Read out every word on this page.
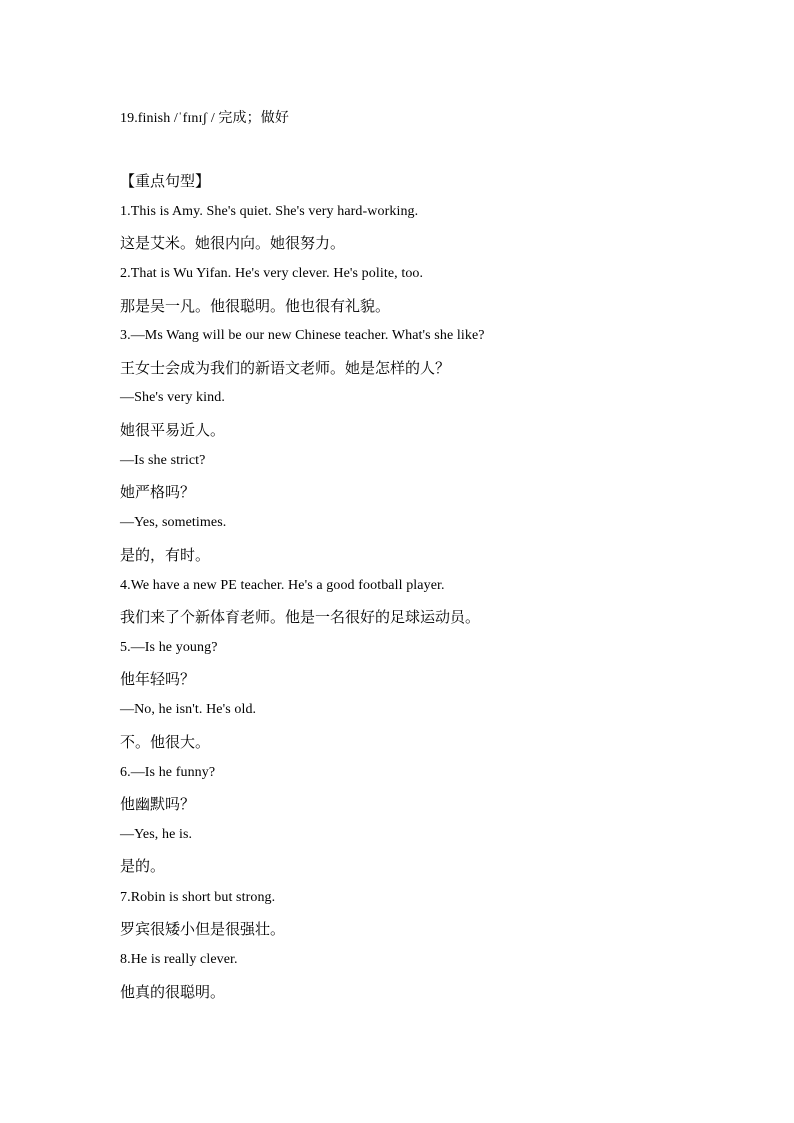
19.finish /ˈfɪnɪʃ / 完成；做好
【重点句型】
1.This is Amy. She's quiet. She's very hard-working.
这是艾米。她很内向。她很努力。
2.That is Wu Yifan. He's very clever. He's polite, too.
那是吴一凡。他很聪明。他也很有礼貌。
3.—Ms Wang will be our new Chinese teacher. What's she like?
王女士会成为我们的新语文老师。她是怎样的人？
—She's very kind.
她很平易近人。
—Is she strict?
她严格吗？
—Yes, sometimes.
是的，有时。
4.We have a new PE teacher. He's a good football player.
我们来了个新体育老师。他是一名很好的足球运动员。
5.—Is he young?
他年轻吗？
—No, he isn't. He's old.
不。他很大。
6.—Is he funny?
他幽默吗？
—Yes, he is.
是的。
7.Robin is short but strong.
罗宾很矮小但是很强壮。
8.He is really clever.
他真的很聪明。
